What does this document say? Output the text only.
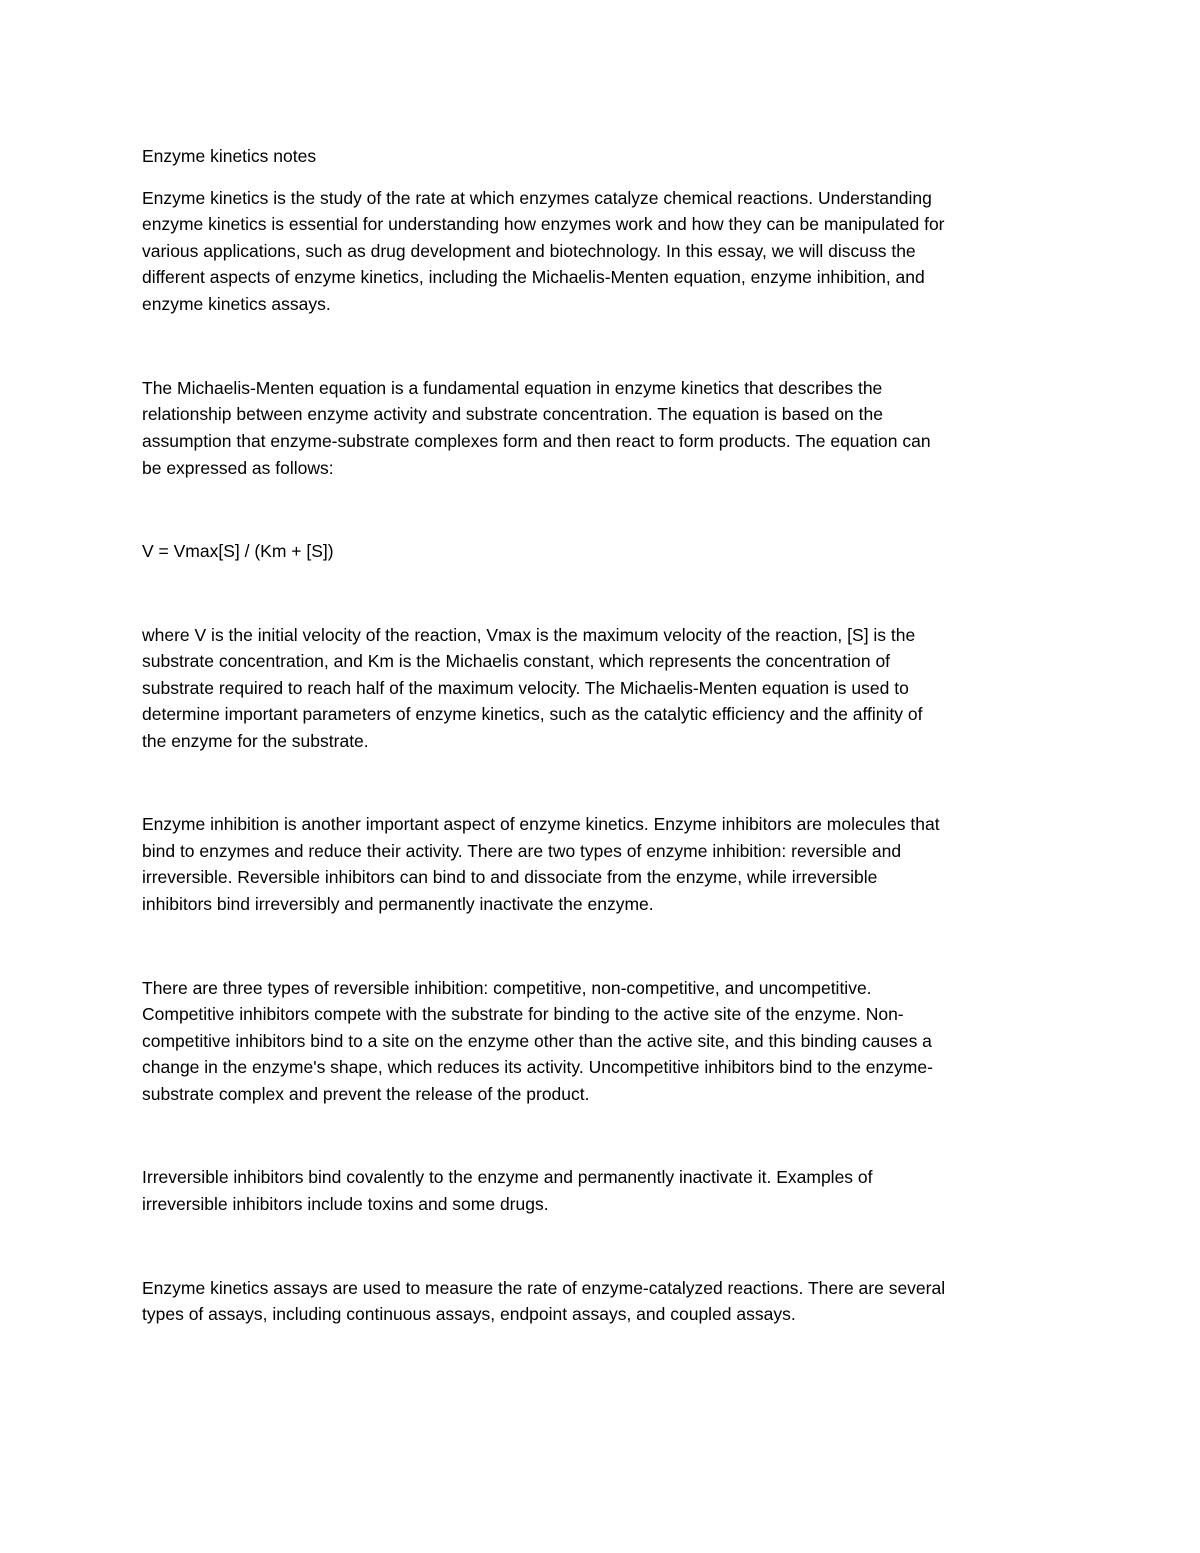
Enzyme kinetics notes

Enzyme kinetics is the study of the rate at which enzymes catalyze chemical reactions. Understanding

enzyme kinetics is essential for understanding how enzymes work and how they can be manipulated for

various applications, such as drug development and biotechnology. In this essay, we will discuss the

different aspects of enzyme kinetics, including the Michaelis-Menten equation, enzyme inhibition, and

enzyme kinetics assays.

The Michaelis-Menten equation is a fundamental equation in enzyme kinetics that describes the

relationship between enzyme activity and substrate concentration. The equation is based on the

assumption that enzyme-substrate complexes form and then react to form products. The equation can

be expressed as follows:

V = Vmax[S] / (Km + [S])

where V is the initial velocity of the reaction, Vmax is the maximum velocity of the reaction, [S] is the

substrate concentration, and Km is the Michaelis constant, which represents the concentration of

substrate required to reach half of the maximum velocity. The Michaelis-Menten equation is used to

determine important parameters of enzyme kinetics, such as the catalytic efficiency and the affinity of

the enzyme for the substrate.

Enzyme inhibition is another important aspect of enzyme kinetics. Enzyme inhibitors are molecules that

bind to enzymes and reduce their activity. There are two types of enzyme inhibition: reversible and

irreversible. Reversible inhibitors can bind to and dissociate from the enzyme, while irreversible

inhibitors bind irreversibly and permanently inactivate the enzyme.

There are three types of reversible inhibition: competitive, non-competitive, and uncompetitive.

Competitive inhibitors compete with the substrate for binding to the active site of the enzyme. Non-

competitive inhibitors bind to a site on the enzyme other than the active site, and this binding causes a

change in the enzyme's shape, which reduces its activity. Uncompetitive inhibitors bind to the enzyme-

substrate complex and prevent the release of the product.

Irreversible inhibitors bind covalently to the enzyme and permanently inactivate it. Examples of

irreversible inhibitors include toxins and some drugs.

Enzyme kinetics assays are used to measure the rate of enzyme-catalyzed reactions. There are several

types of assays, including continuous assays, endpoint assays, and coupled assays.
